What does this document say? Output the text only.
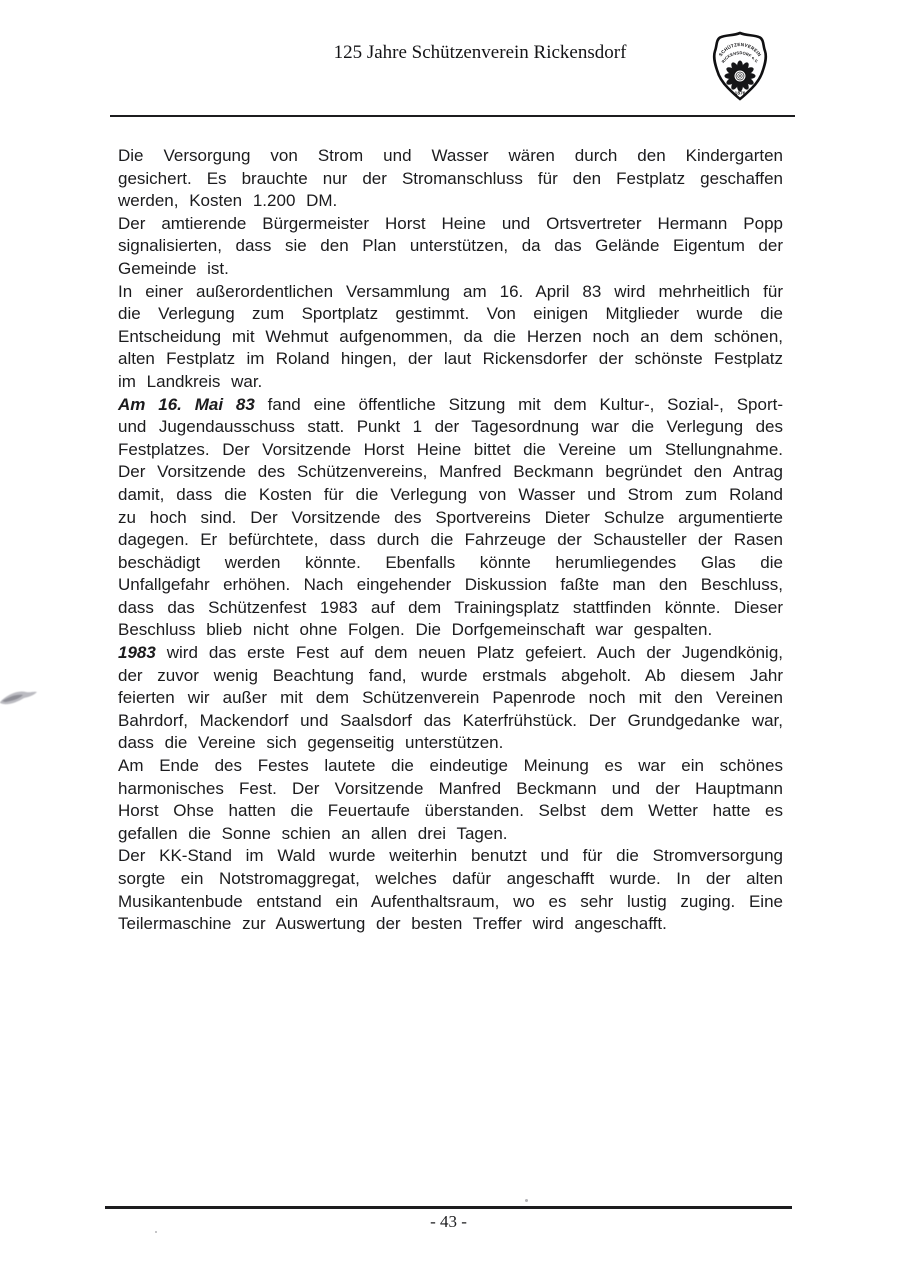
125 Jahre Schützenverein Rickensdorf	SCHÜTZENVEREIN
RICKENSDORF e.V.
1876

Die Versorgung von Strom und Wasser wären durch den Kindergarten gesichert. Es brauchte nur der Stromanschluss für den Festplatz geschaffen werden, Kosten 1.200 DM.

Der amtierende Bürgermeister Horst Heine und Ortsvertreter Hermann Popp signalisierten, dass sie den Plan unterstützen, da das Gelände Eigentum der Gemeinde ist.

In einer außerordentlichen Versammlung am 16. April 83 wird mehrheitlich für die Verlegung zum Sportplatz gestimmt. Von einigen Mitglieder wurde die Entscheidung mit Wehmut aufgenommen, da die Herzen noch an dem schönen, alten Festplatz im Roland hingen, der laut Rickensdorfer der schönste Festplatz im Landkreis war.

Am 16. Mai 83 fand eine öffentliche Sitzung mit dem Kultur-, Sozial-, Sport- und Jugendausschuss statt. Punkt 1 der Tagesordnung war die Verlegung des Festplatzes. Der Vorsitzende Horst Heine bittet die Vereine um Stellungnahme. Der Vorsitzende des Schützenvereins, Manfred Beckmann begründet den Antrag damit, dass die Kosten für die Verlegung von Wasser und Strom zum Roland zu hoch sind. Der Vorsitzende des Sportvereins Dieter Schulze argumentierte dagegen. Er befürchtete, dass durch die Fahrzeuge der Schausteller der Rasen beschädigt werden könnte. Ebenfalls könnte herumliegendes Glas die Unfallgefahr erhöhen. Nach eingehender Diskussion faßte man den Beschluss, dass das Schützenfest 1983 auf dem Trainingsplatz stattfinden könnte. Dieser Beschluss blieb nicht ohne Folgen. Die Dorfgemeinschaft war gespalten.

1983 wird das erste Fest auf dem neuen Platz gefeiert. Auch der Jugendkönig, der zuvor wenig Beachtung fand, wurde erstmals abgeholt. Ab diesem Jahr feierten wir außer mit dem Schützenverein Papenrode noch mit den Vereinen Bahrdorf, Mackendorf und Saalsdorf das Katerfrühstück. Der Grundgedanke war, dass die Vereine sich gegenseitig unterstützen.

Am Ende des Festes lautete die eindeutige Meinung es war ein schönes harmonisches Fest. Der Vorsitzende Manfred Beckmann und der Hauptmann Horst Ohse hatten die Feuertaufe überstanden. Selbst dem Wetter hatte es gefallen die Sonne schien an allen drei Tagen.

Der KK-Stand im Wald wurde weiterhin benutzt und für die Stromversorgung sorgte ein Notstromaggregat, welches dafür angeschafft wurde. In der alten Musikantenbude entstand ein Aufenthaltsraum, wo es sehr lustig zuging. Eine Teilermaschine zur Auswertung der besten Treffer wird angeschafft.

- 43 -
